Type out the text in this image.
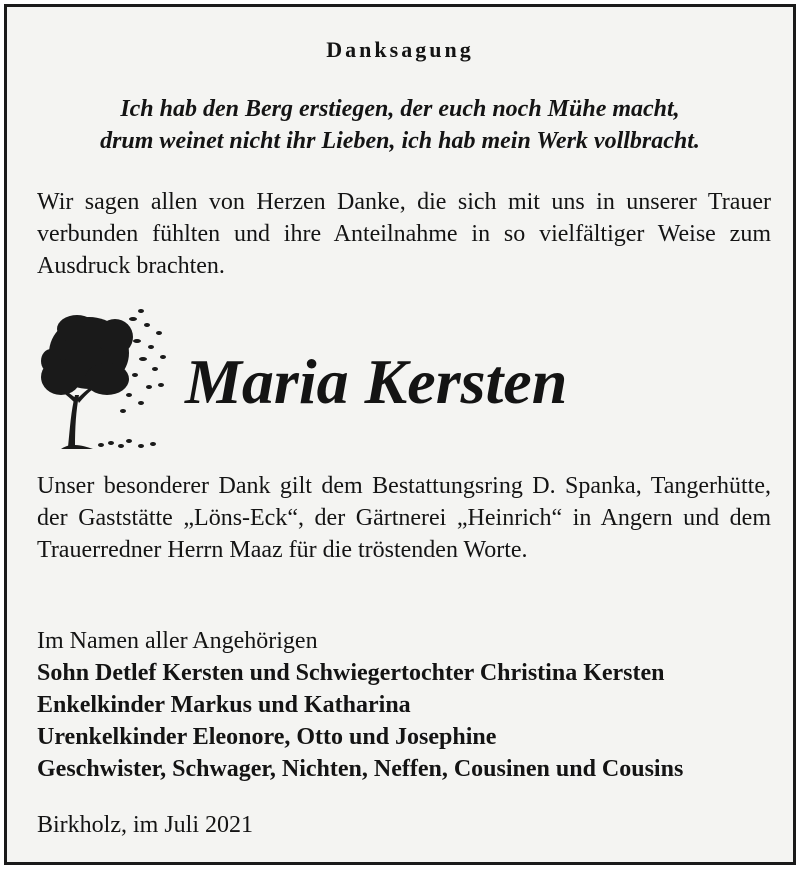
Danksagung
Ich hab den Berg erstiegen, der euch noch Mühe macht,
drum weinet nicht ihr Lieben, ich hab mein Werk vollbracht.
Wir sagen allen von Herzen Danke, die sich mit uns in unserer Trauer verbunden fühlten und ihre Anteilnahme in so vielfältiger Weise zum Ausdruck brachten.
Maria Kersten
Unser besonderer Dank gilt dem Bestattungsring D. Spanka, Tangerhütte, der Gaststätte „Löns-Eck“, der Gärtnerei „Heinrich“ in Angern und dem Trauerredner Herrn Maaz für die tröstenden Worte.
Im Namen aller Angehörigen
Sohn Detlef Kersten und Schwiegertochter Christina Kersten
Enkelkinder Markus und Katharina
Urenkelkinder Eleonore, Otto und Josephine
Geschwister, Schwager, Nichten, Neffen, Cousinen und Cousins
Birkholz, im Juli 2021
